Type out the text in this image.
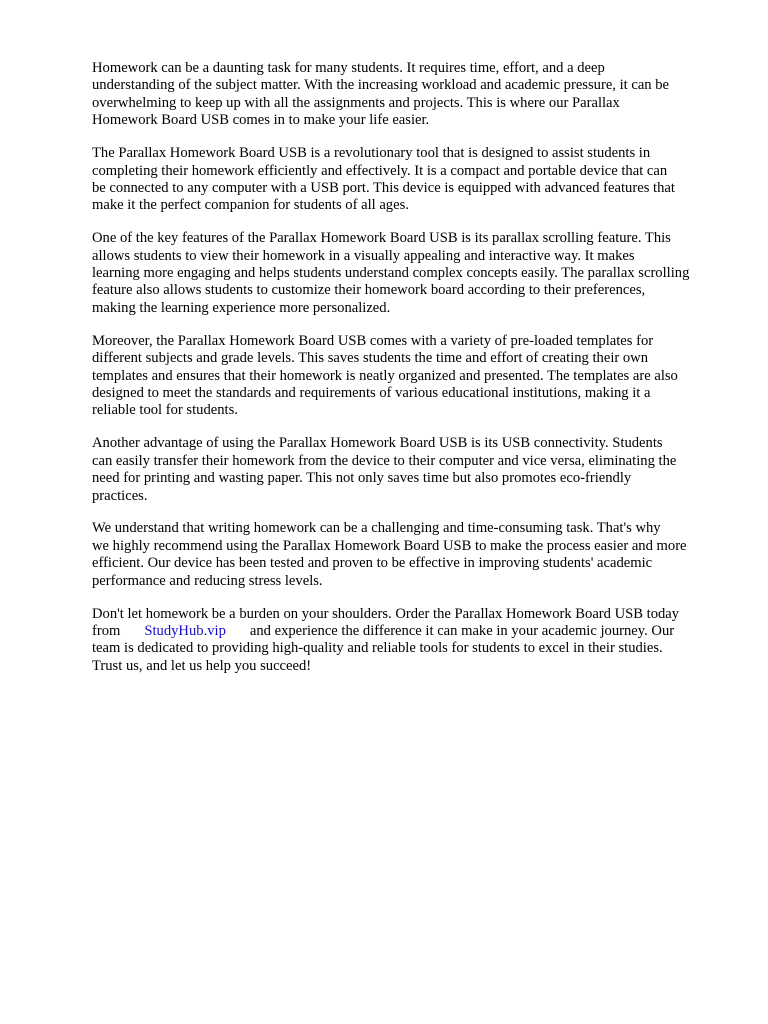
Homework can be a daunting task for many students. It requires time, effort, and a deep
understanding of the subject matter. With the increasing workload and academic pressure, it can be
overwhelming to keep up with all the assignments and projects. This is where our Parallax
Homework Board USB comes in to make your life easier.

The Parallax Homework Board USB is a revolutionary tool that is designed to assist students in
completing their homework efficiently and effectively. It is a compact and portable device that can
be connected to any computer with a USB port. This device is equipped with advanced features that
make it the perfect companion for students of all ages.

One of the key features of the Parallax Homework Board USB is its parallax scrolling feature. This
allows students to view their homework in a visually appealing and interactive way. It makes
learning more engaging and helps students understand complex concepts easily. The parallax scrolling
feature also allows students to customize their homework board according to their preferences,
making the learning experience more personalized.

Moreover, the Parallax Homework Board USB comes with a variety of pre-loaded templates for
different subjects and grade levels. This saves students the time and effort of creating their own
templates and ensures that their homework is neatly organized and presented. The templates are also
designed to meet the standards and requirements of various educational institutions, making it a
reliable tool for students.

Another advantage of using the Parallax Homework Board USB is its USB connectivity. Students
can easily transfer their homework from the device to their computer and vice versa, eliminating the
need for printing and wasting paper. This not only saves time but also promotes eco-friendly
practices.

We understand that writing homework can be a challenging and time-consuming task. That's why
we highly recommend using the Parallax Homework Board USB to make the process easier and more
efficient. Our device has been tested and proven to be effective in improving students' academic
performance and reducing stress levels.

Don't let homework be a burden on your shoulders. Order the Parallax Homework Board USB today
from StudyHub.vip and experience the difference it can make in your academic journey. Our
team is dedicated to providing high-quality and reliable tools for students to excel in their studies.
Trust us, and let us help you succeed!
